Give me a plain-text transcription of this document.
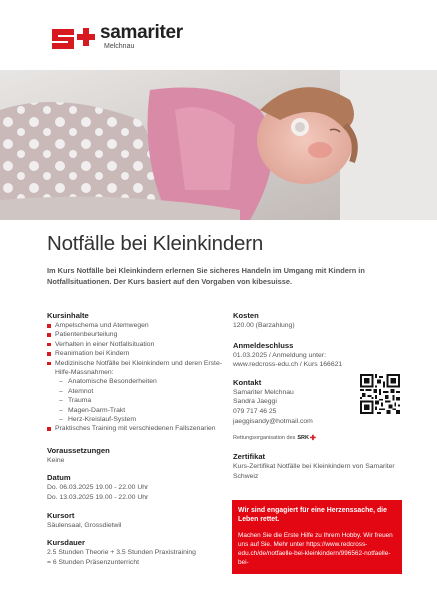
samariter
Melchnau
Notfälle bei Kleinkindern

Im Kurs Notfälle bei Kleinkindern erlernen Sie sicheres Handeln im Umgang mit Kindern in Notfallsituationen. Der Kurs basiert auf den Vorgaben von kibesuisse.

Kursinhalte
Ampelschema und Atemwegen
Patientenbeurteilung
Verhalten in einer Notfallsituation
Reanimation bei Kindern
Medizinische Notfälle bei Kleinkindern und deren Erste-Hilfe-Massnahmen:
– Anatomische Besonderheiten
– Atemnot
– Trauma
– Magen-Darm-Trakt
– Herz-Kreislauf-System
Praktisches Training mit verschiedenen Fallszenarien
Voraussetzungen
Keine
Datum
Do. 06.03.2025 19.00 - 22.00 Uhr
Do. 13.03.2025 19.00 - 22.00 Uhr
Kursort
Säulensaal, Grossdietwil
Kursdauer
2.5 Stunden Theorie + 3.5 Stunden Praxistraining
= 6 Stunden Präsenzunterricht
Kosten
120.00 (Barzahlung)
Anmeldeschluss
01.03.2025 / Anmeldung unter:
www.redcross-edu.ch / Kurs 166621
Kontakt
Samariter Melchnau
Sandra Jaeggi
079 717 46 25
jaeggisandy@hotmail.com
Rettungsorganisation des SRK ✚
Zertifikat
Kurs-Zertifikat Notfälle bei Kleinkindern von Samariter Schweiz
Wir sind engagiert für eine Herzenssache, die Leben rettet.
Machen Sie die Erste Hilfe zu Ihrem Hobby. Wir freuen uns auf Sie. Mehr unter https://www.redcross-edu.ch/de/notfaelle-bei-kleinkindern/996562-notfaelle-bei-
